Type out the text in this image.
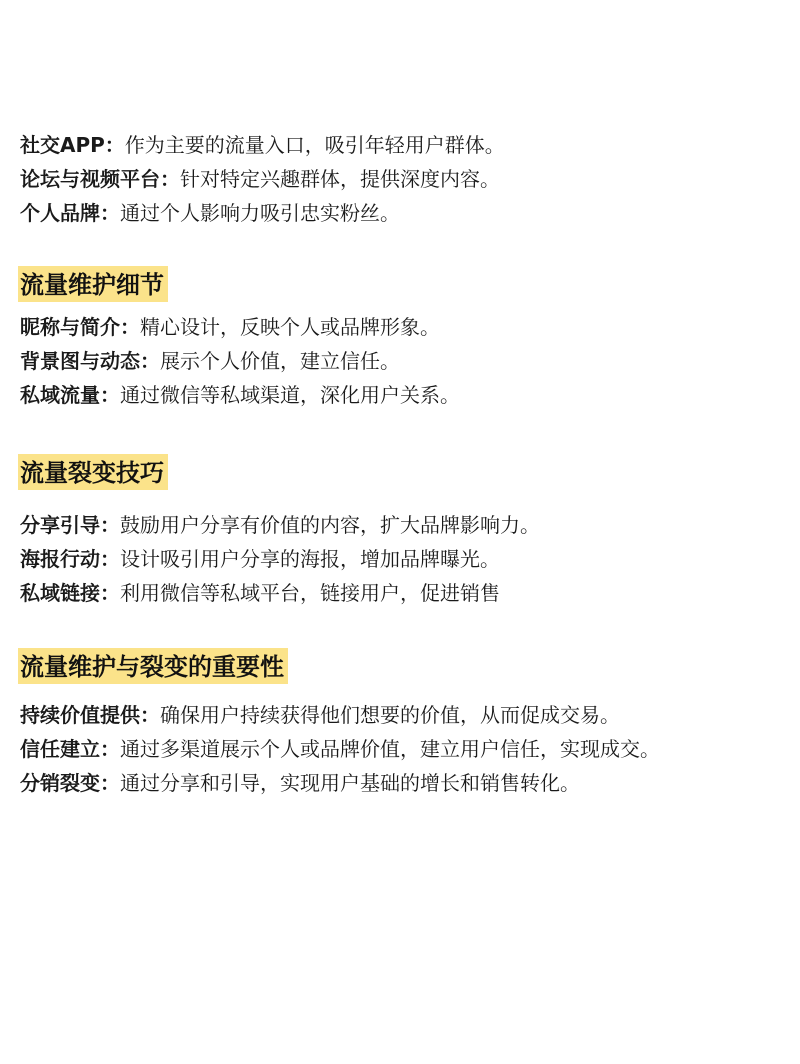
社交APP：作为主要的流量入口，吸引年轻用户群体。

论坛与视频平台：针对特定兴趣群体，提供深度内容。

个人品牌：通过个人影响力吸引忠实粉丝。

流量维护细节

昵称与简介：精心设计，反映个人或品牌形象。

背景图与动态：展示个人价值，建立信任。

私域流量：通过微信等私域渠道，深化用户关系。

流量裂变技巧

分享引导：鼓励用户分享有价值的内容，扩大品牌影响力。

海报行动：设计吸引用户分享的海报，增加品牌曝光。

私域链接：利用微信等私域平台，链接用户，促进销售

流量维护与裂变的重要性

持续价值提供：确保用户持续获得他们想要的价值，从而促成交易。

信任建立：通过多渠道展示个人或品牌价值，建立用户信任，实现成交。

分销裂变：通过分享和引导，实现用户基础的增长和销售转化。
